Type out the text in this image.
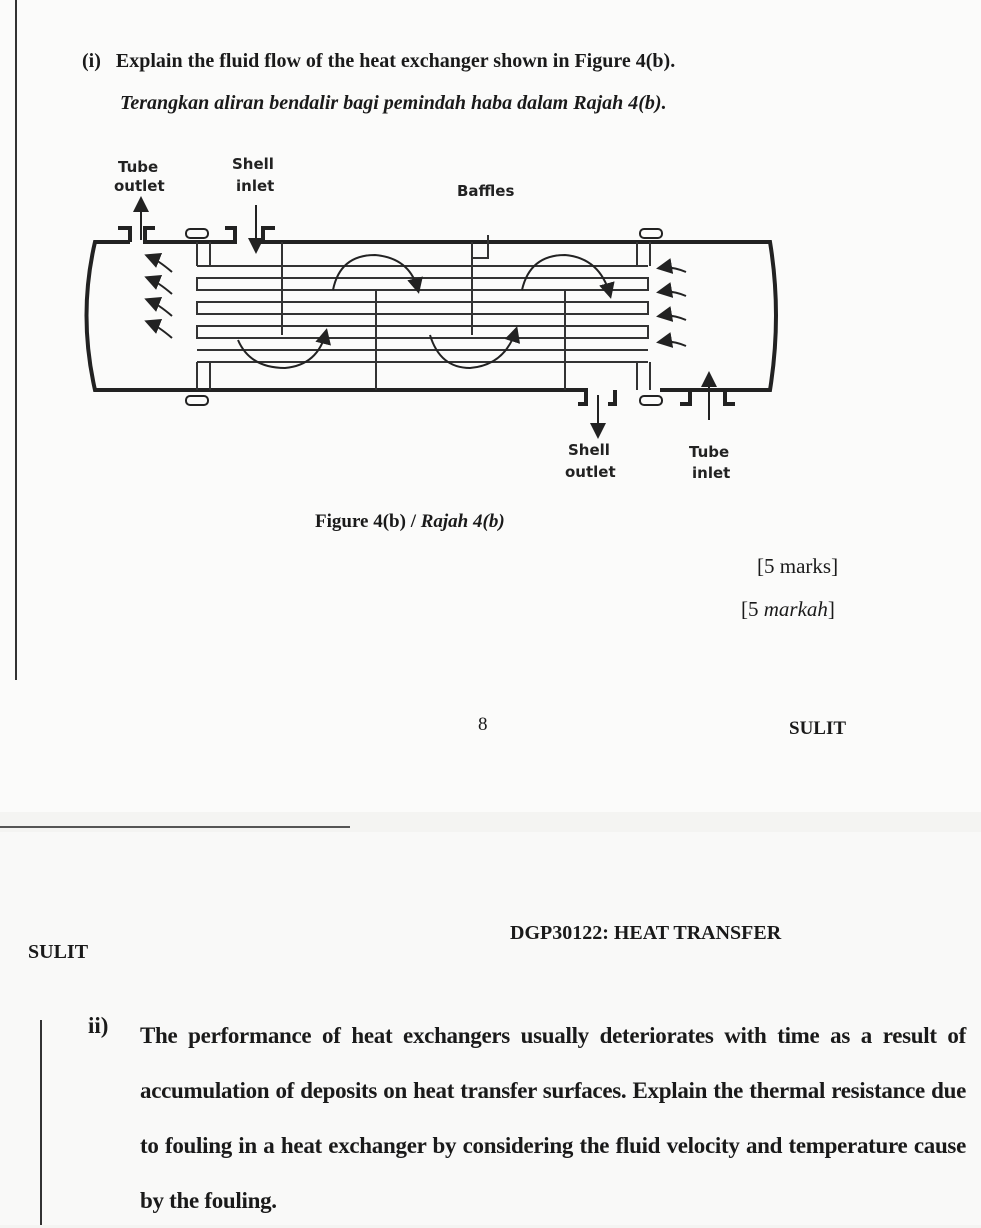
(i) Explain the fluid flow of the heat exchanger shown in Figure 4(b).
Terangkan aliran bendalir bagi pemindah haba dalam Rajah 4(b).
Tube
outlet
Shell
inlet	Baffles
Shell
outlet
Tube
inlet
Figure 4(b) / Rajah 4(b)
[5 marks]
[5 markah]
8	SULIT
SULIT
DGP30122: HEAT TRANSFER
ii) The performance of heat exchangers usually deteriorates with time as a result of accumulation of deposits on heat transfer surfaces. Explain the thermal resistance due to fouling in a heat exchanger by considering the fluid velocity and temperature cause by the fouling.
